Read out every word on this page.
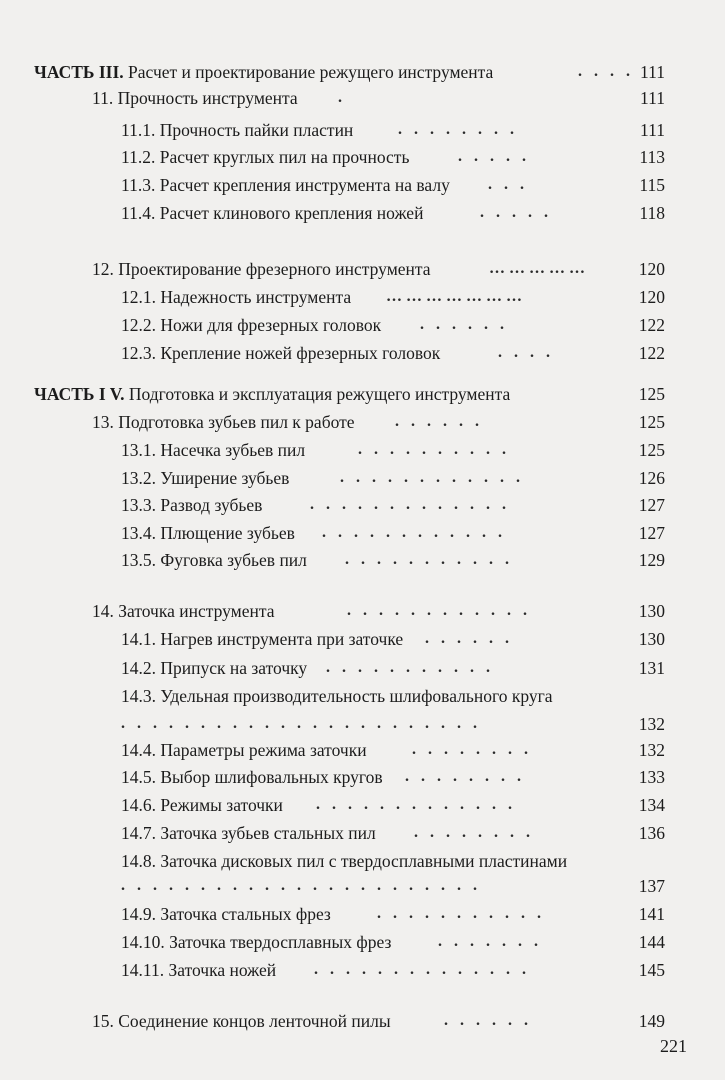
ЧАСТЬ III. Расчет и проектирование режущего инструмента	. . . . 111
11. Прочность инструмента	.	111
11.1. Прочность пайки пластин	. . . . . . . .	111
11.2. Расчет круглых пил на прочность	. . . . .	113
11.3. Расчет крепления инструмента на валу . . .	115
11.4. Расчет клинового крепления ножей	. . . . .	118
12. Проектирование фрезерного инструмента	……………	120
12.1. Надежность инструмента …………………	120
12.2. Ножи для фрезерных головок . . . . . .	122
12.3. Крепление ножей фрезерных головок	. . . .	122
ЧАСТЬ I V. Подготовка и эксплуатация режущего инструмента	125
13. Подготовка зубьев пил к работе	. . . . . .	125
13.1. Насечка зубьев пил	. . . . . . . . . .	125
13.2. Уширение зубьев	. . . . . . . . . . . .	126
13.3. Развод зубьев	. . . . . . . . . . . . .	127
13.4. Плющение зубьев . . . . . . . . . . . .	127
13.5. Фуговка зубьев пил . . . . . . . . . . .	129
14. Заточка инструмента	. . . . . . . . . . . .	130
14.1. Нагрев инструмента при заточке . . . . . .	130
14.2. Припуск на заточку . . . . . . . . . . .	131
14.3. Удельная производительность шлифовального круга
. . . . . . . . . . . . . . . . . . . . . . .	132
14.4. Параметры режима заточки	. . . . . . . .	132
14.5. Выбор шлифовальных кругов . . . . . . . .	133
14.6. Режимы заточки . . . . . . . . . . . . .	134
14.7. Заточка зубьев стальных пил . . . . . . . .	136
14.8. Заточка дисковых пил с твердосплавными пластинами
. . . . . . . . . . . . . . . . . . . . . . .	137
14.9. Заточка стальных фрез	. . . . . . . . . . .	141
14.10. Заточка твердосплавных фрез	. . . . . . .	144
14.11. Заточка ножей . . . . . . . . . . . . . .	145
15. Соединение концов ленточной пилы	. . . . . .	149
221
